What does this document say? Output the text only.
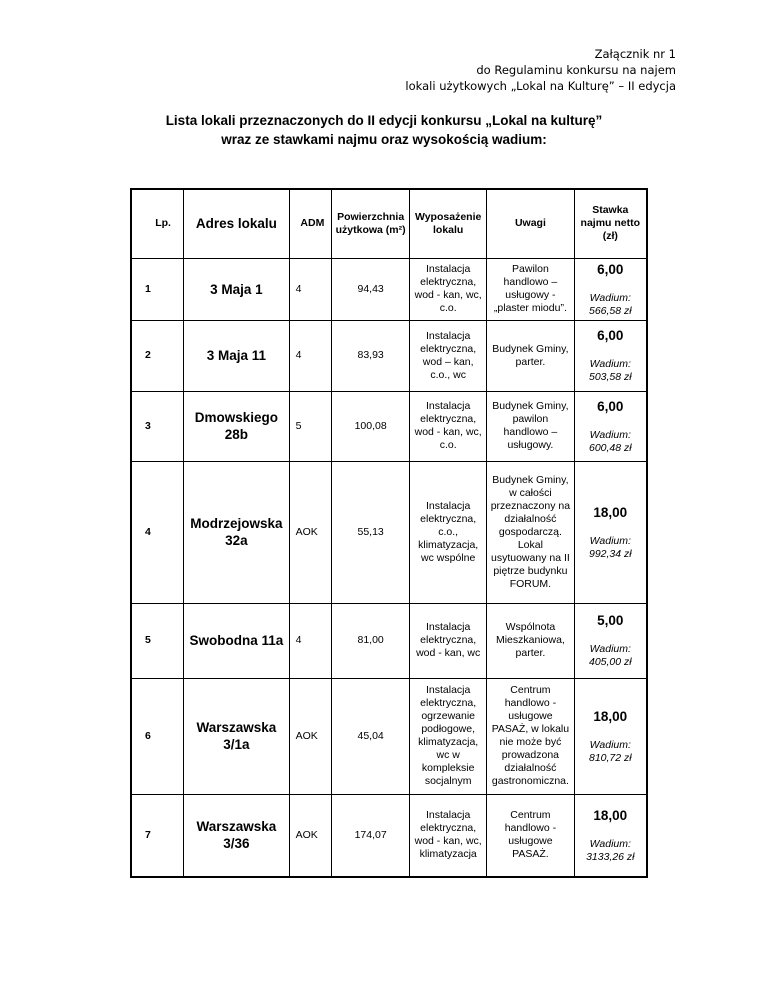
Załącznik nr 1
do Regulaminu konkursu na najem
lokali użytkowych „Lokal na Kulturę” – II edycja
Lista lokali przeznaczonych do II edycji konkursu „Lokal na kulturę”
wraz ze stawkami najmu oraz wysokością wadium:
Lp.	Adres lokalu	ADM	Powierzchnia użytkowa (m²)	Wyposażenie lokalu	Uwagi	Stawka najmu netto (zł)
1	3 Maja 1	4	94,43	Instalacja elektryczna, wod - kan, wc, c.o.	Pawilon handlowo – usługowy - „plaster miodu”.	6,00
Wadium: 566,58 zł

2	3 Maja 11	4	83,93	Instalacja elektryczna, wod – kan, c.o., wc	Budynek Gminy, parter.	6,00
Wadium: 503,58 zł

3	Dmowskiego 28b	5	100,08	Instalacja elektryczna, wod - kan, wc, c.o.	Budynek Gminy, pawilon handlowo – usługowy.	6,00
Wadium: 600,48 zł

4	Modrzejowska 32a	AOK	55,13	Instalacja elektryczna, c.o., klimatyzacja, wc wspólne	Budynek Gminy, w całości przeznaczony na działalność gospodarczą. Lokal usytuowany na II piętrze budynku FORUM.	18,00
Wadium: 992,34 zł

5	Swobodna 11a	4	81,00	Instalacja elektryczna, wod - kan, wc	Wspólnota Mieszkaniowa, parter.	5,00
Wadium: 405,00 zł

6	Warszawska 3/1a	AOK	45,04	Instalacja elektryczna, ogrzewanie podłogowe, klimatyzacja, wc w kompleksie socjalnym	Centrum handlowo - usługowe PASAŻ, w lokalu nie może być prowadzona działalność gastronomiczna.	18,00
Wadium: 810,72 zł

7	Warszawska 3/36	AOK	174,07	Instalacja elektryczna, wod - kan, wc, klimatyzacja	Centrum handlowo - usługowe PASAŻ.	18,00
Wadium: 3133,26 zł
